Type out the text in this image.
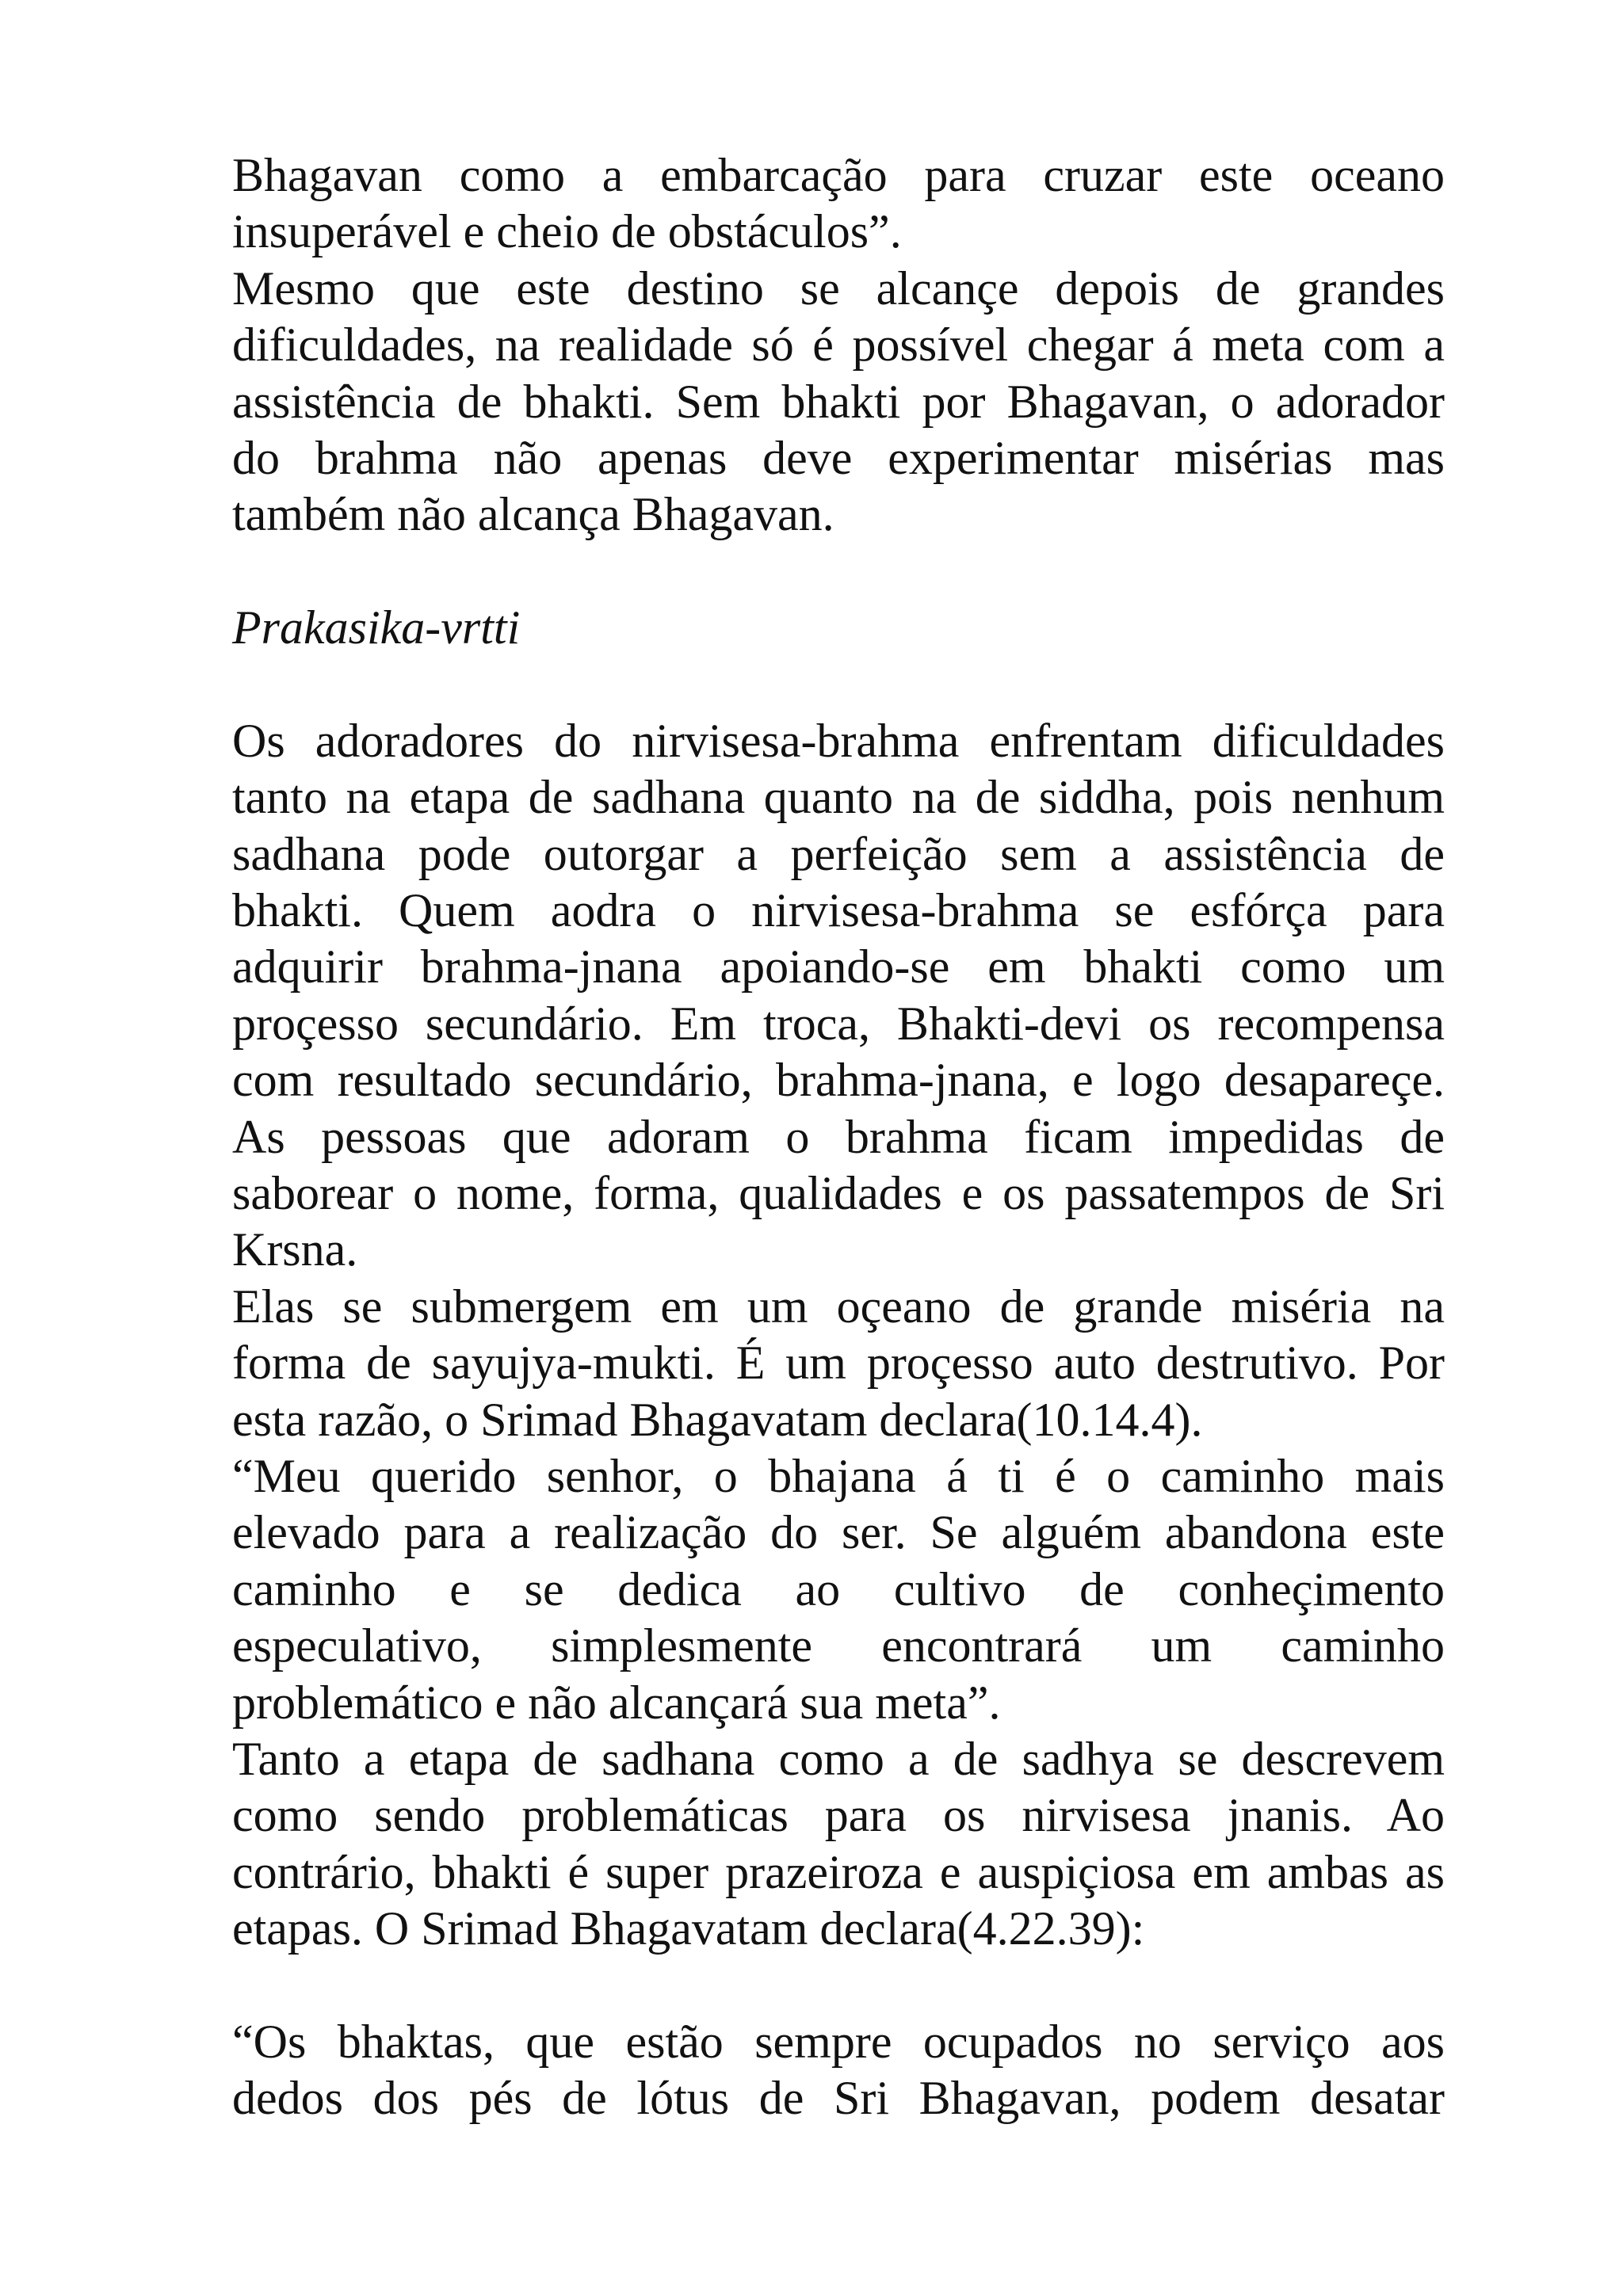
Bhagavan como a embarcação para cruzar este oceano
insuperável e cheio de obstáculos”.
Mesmo que este destino se alcançe depois de grandes
dificuldades, na realidade só é possível chegar á meta com a
assistência de bhakti. Sem bhakti por Bhagavan, o adorador
do brahma não apenas deve experimentar misérias mas
também não alcança Bhagavan.
Prakasika-vrtti
Os adoradores do nirvisesa-brahma enfrentam dificuldades
tanto na etapa de sadhana quanto na de siddha, pois nenhum
sadhana pode outorgar a perfeição sem a assistência de
bhakti. Quem aodra o nirvisesa-brahma se esfórça para
adquirir brahma-jnana apoiando-se em bhakti como um
proçesso secundário. Em troca, Bhakti-devi os recompensa
com resultado secundário, brahma-jnana, e logo desapareçe.
As pessoas que adoram o brahma ficam impedidas de
saborear o nome, forma, qualidades e os passatempos de Sri
Krsna.
Elas se submergem em um oçeano de grande miséria na
forma de sayujya-mukti. É um proçesso auto destrutivo. Por
esta razão, o Srimad Bhagavatam declara(10.14.4).
“Meu querido senhor, o bhajana á ti é o caminho mais
elevado para a realização do ser. Se alguém abandona este
caminho e se dedica ao cultivo de conheçimento
especulativo, simplesmente encontrará um caminho
problemático e não alcançará sua meta”.
Tanto a etapa de sadhana como a de sadhya se descrevem
como sendo problemáticas para os nirvisesa jnanis. Ao
contrário, bhakti é super prazeiroza e auspiçiosa em ambas as
etapas. O Srimad Bhagavatam declara(4.22.39):
“Os bhaktas, que estão sempre ocupados no serviço aos
dedos dos pés de lótus de Sri Bhagavan, podem desatar
